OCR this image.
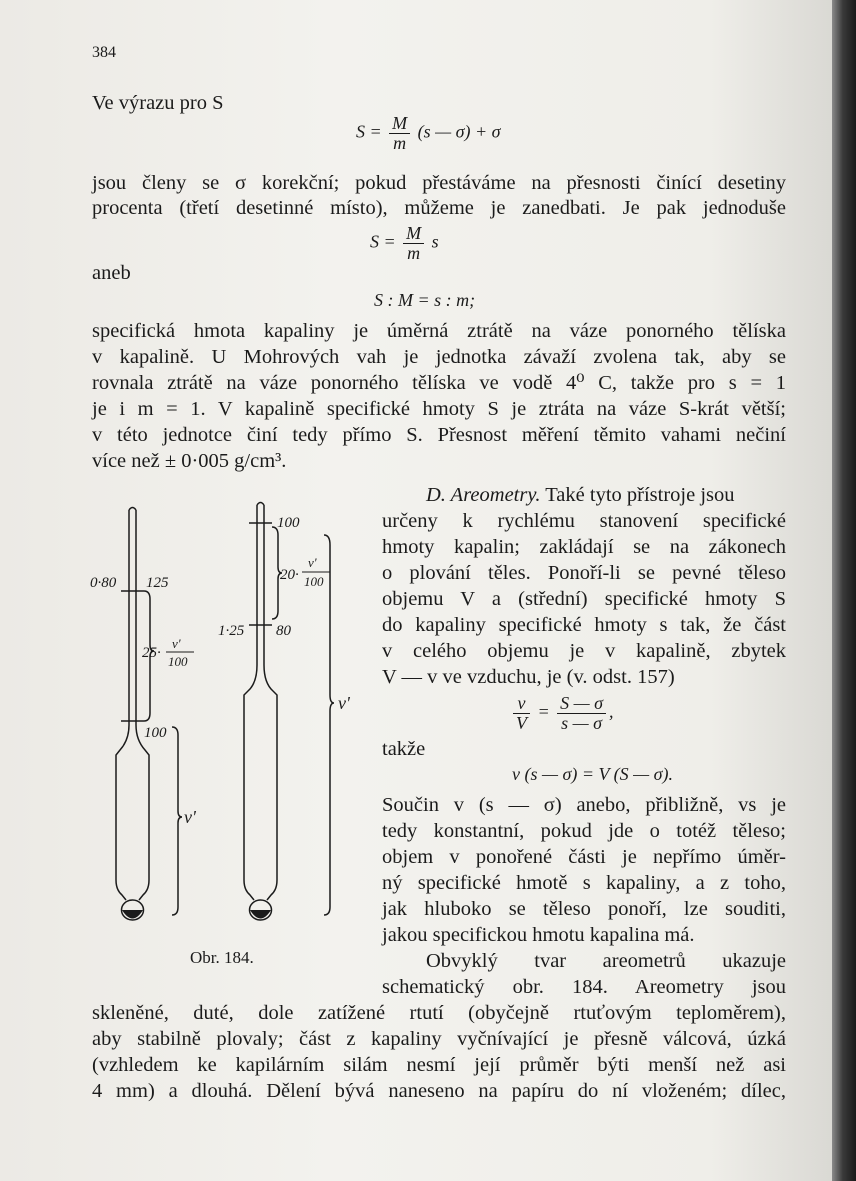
384
Ve výrazu pro S
$S = \frac{M}{m} (s$ — σ) + σ
jsou členy se σ korekční; pokud přestáváme na přesnosti činící desetiny
procenta (třetí desetinné místo), můžeme je zanedbati. Je pak jednoduše
$S = \frac{M}{m}$ s
aneb
S : M = s : m;
specifická hmota kapaliny je úměrná ztrátě na váze ponorného tělíska
v kapalině. U Mohrových vah je jednotka závaží zvolena tak, aby se
rovnala ztrátě na váze ponorného tělíska ve vodě 4⁰ C, takže pro s = 1
je i m = 1. V kapalině specifické hmoty S je ztráta na váze S-krát větší;
v této jednotce činí tedy přímo S. Přesnost měření těmito vahami nečiní
více než ± 0·005 g/cm³.
D. Areometry. Také tyto přístroje jsou
určeny k rychlému stanovení specifické
hmoty kapalin; zakládají se na zákonech
o plování těles. Ponoří-li se pevné těleso
objemu V a (střední) specifické hmoty S
do kapaliny specifické hmoty s tak, že část
v celého objemu je v kapalině, zbytek
V — v ve vzduchu, je (v. odst. 157)
$\frac{v}{V} = \frac{S — \sigma}{s — \sigma}$ ,
takže
v (s — σ) = V (S — σ).
Součin v (s — σ) anebo, přibližně, vs je
tedy konstantní, pokud jde o totéž těleso;
objem v ponořené části je nepřímo úměr-
ný specifické hmotě s kapaliny, a z toho,
jak hluboko se těleso ponoří, lze souditi,
jakou specifickou hmotu kapalina má.
Obr. 184.	Obvyklý tvar areometrů ukazuje
schematický obr. 184. Areometry jsou
skleněné, duté, dole zatížené rtutí (obyčejně rtuťovým teploměrem),
aby stabilně plovaly; část z kapaliny vyčnívající je přesně válcová, úzká
(vzhledem ke kapilárním silám nesmí její průměr býti menší než asi
4 mm) a dlouhá. Dělení bývá naneseno na papíru do ní vloženém; dílec,
0·80 125
25·
v'
100
100
v'
100
20·
v'
100
1·25 80
v'
